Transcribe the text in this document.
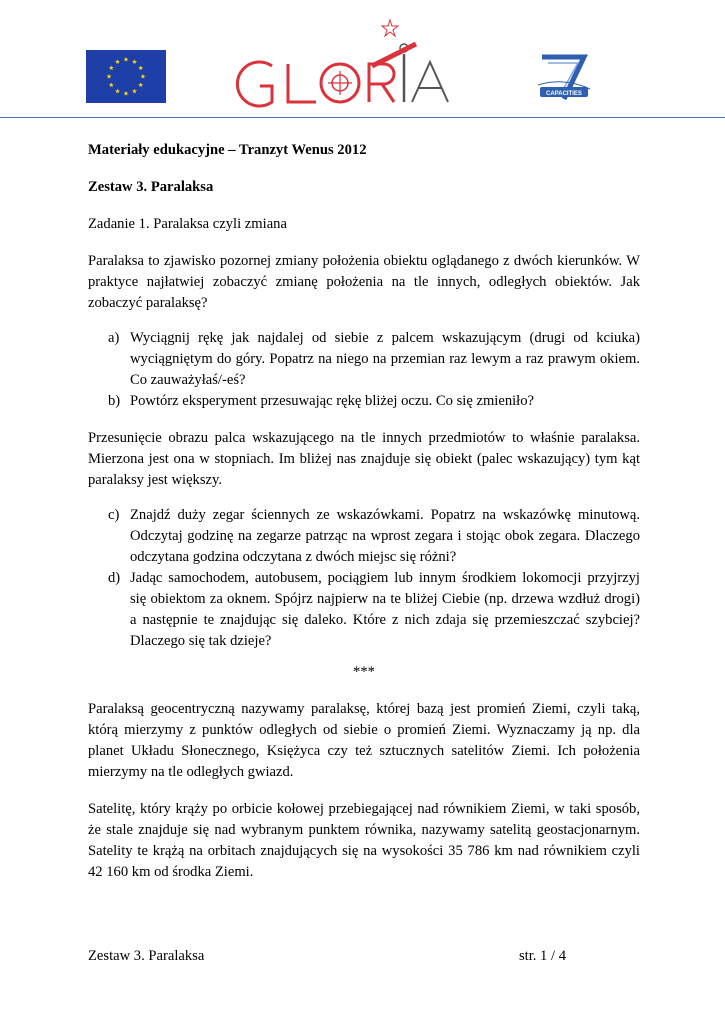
CAPACITIES

Materiały edukacyjne – Tranzyt Wenus 2012

Zestaw 3. Paralaksa

Zadanie 1. Paralaksa czyli zmiana

Paralaksa to zjawisko pozornej zmiany położenia obiektu oglądanego z dwóch kierunków. W praktyce najłatwiej zobaczyć zmianę położenia na tle innych, odległych obiektów. Jak zobaczyć paralaksę?

a) Wyciągnij rękę jak najdalej od siebie z palcem wskazującym (drugi od kciuka) wyciągniętym do góry. Popatrz na niego na przemian raz lewym a raz prawym okiem. Co zauważyłaś/-eś?
b) Powtórz eksperyment przesuwając rękę bliżej oczu. Co się zmieniło?

Przesunięcie obrazu palca wskazującego na tle innych przedmiotów to właśnie paralaksa. Mierzona jest ona w stopniach. Im bliżej nas znajduje się obiekt (palec wskazujący) tym kąt paralaksy jest większy.

c) Znajdź duży zegar ściennych ze wskazówkami. Popatrz na wskazówkę minutową. Odczytaj godzinę na zegarze patrząc na wprost zegara i stojąc obok zegara. Dlaczego odczytana godzina odczytana z dwóch miejsc się różni?
d) Jadąc samochodem, autobusem, pociągiem lub innym środkiem lokomocji przyjrzyj się obiektom za oknem. Spójrz najpierw na te bliżej Ciebie (np. drzewa wzdłuż drogi) a następnie te znajdując się daleko. Które z nich zdaja się przemieszczać szybciej? Dlaczego się tak dzieje?

***

Paralaksą geocentryczną nazywamy paralaksę, której bazą jest promień Ziemi, czyli taką, którą mierzymy z punktów odległych od siebie o promień Ziemi. Wyznaczamy ją np. dla planet Układu Słonecznego, Księżyca czy też sztucznych satelitów Ziemi. Ich położenia mierzymy na tle odległych gwiazd.

Satelitę, który krąży po orbicie kołowej przebiegającej nad równikiem Ziemi, w taki sposób, że stale znajduje się nad wybranym punktem równika, nazywamy satelitą geostacjonarnym. Satelity te krążą na orbitach znajdujących się na wysokości 35 786 km nad równikiem czyli 42 160 km od środka Ziemi.

Zestaw 3. Paralaksa	str. 1 / 4
